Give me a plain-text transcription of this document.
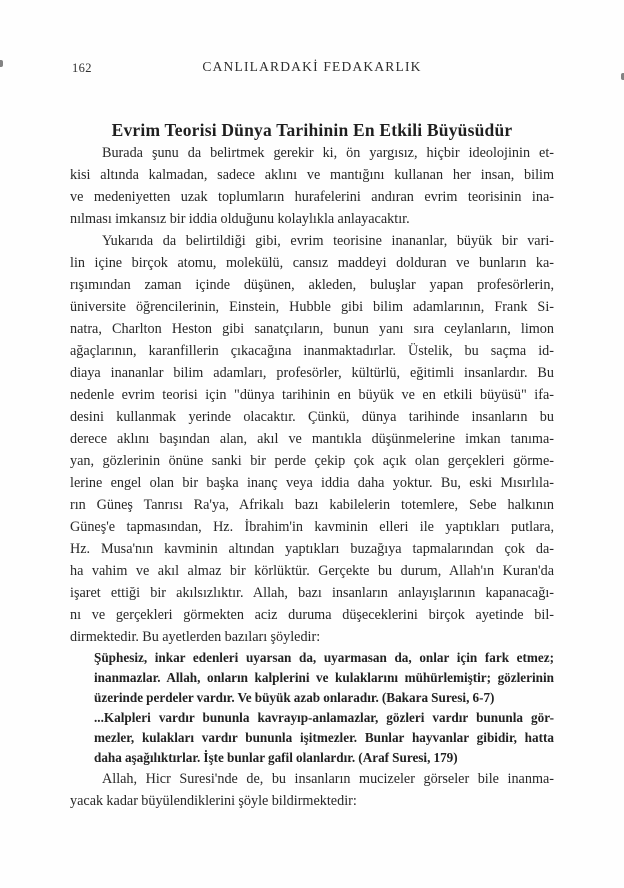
162	CANLILARDAKİ FEDAKARLIK
Evrim Teorisi Dünya Tarihinin En Etkili Büyüsüdür
Burada şunu da belirtmek gerekir ki, ön yargısız, hiçbir ideolojinin et-
kisi altında kalmadan, sadece aklını ve mantığını kullanan her insan, bilim
ve medeniyetten uzak toplumların hurafelerini andıran evrim teorisinin ina-
nılması imkansız bir iddia olduğunu kolaylıkla anlayacaktır.
Yukarıda da belirtildiği gibi, evrim teorisine inananlar, büyük bir vari-
lin içine birçok atomu, molekülü, cansız maddeyi dolduran ve bunların ka-
rışımından zaman içinde düşünen, akleden, buluşlar yapan profesörlerin,
üniversite öğrencilerinin, Einstein, Hubble gibi bilim adamlarının, Frank Si-
natra, Charlton Heston gibi sanatçıların, bunun yanı sıra ceylanların, limon
ağaçlarının, karanfillerin çıkacağına inanmaktadırlar. Üstelik, bu saçma id-
diaya inananlar bilim adamları, profesörler, kültürlü, eğitimli insanlardır. Bu
nedenle evrim teorisi için "dünya tarihinin en büyük ve en etkili büyüsü" ifa-
desini kullanmak yerinde olacaktır. Çünkü, dünya tarihinde insanların bu
derece aklını başından alan, akıl ve mantıkla düşünmelerine imkan tanıma-
yan, gözlerinin önüne sanki bir perde çekip çok açık olan gerçekleri görme-
lerine engel olan bir başka inanç veya iddia daha yoktur. Bu, eski Mısırlıla-
rın Güneş Tanrısı Ra'ya, Afrikalı bazı kabilelerin totemlere, Sebe halkının
Güneş'e tapmasından, Hz. İbrahim'in kavminin elleri ile yaptıkları putlara,
Hz. Musa'nın kavminin altından yaptıkları buzağıya tapmalarından çok da-
ha vahim ve akıl almaz bir körlüktür. Gerçekte bu durum, Allah'ın Kuran'da
işaret ettiği bir akılsızlıktır. Allah, bazı insanların anlayışlarının kapanacağı-
nı ve gerçekleri görmekten aciz duruma düşeceklerini birçok ayetinde bil-
dirmektedir. Bu ayetlerden bazıları şöyledir:
Şüphesiz, inkar edenleri uyarsan da, uyarmasan da, onlar için fark etmez;
inanmazlar. Allah, onların kalplerini ve kulaklarını mühürlemiştir; gözlerinin
üzerinde perdeler vardır. Ve büyük azab onlaradır. (Bakara Suresi, 6-7)
...Kalpleri vardır bununla kavrayıp-anlamazlar, gözleri vardır bununla gör-
mezler, kulakları vardır bununla işitmezler. Bunlar hayvanlar gibidir, hatta
daha aşağılıktırlar. İşte bunlar gafil olanlardır. (Araf Suresi, 179)
Allah, Hicr Suresi'nde de, bu insanların mucizeler görseler bile inanma-
yacak kadar büyülendiklerini şöyle bildirmektedir:
